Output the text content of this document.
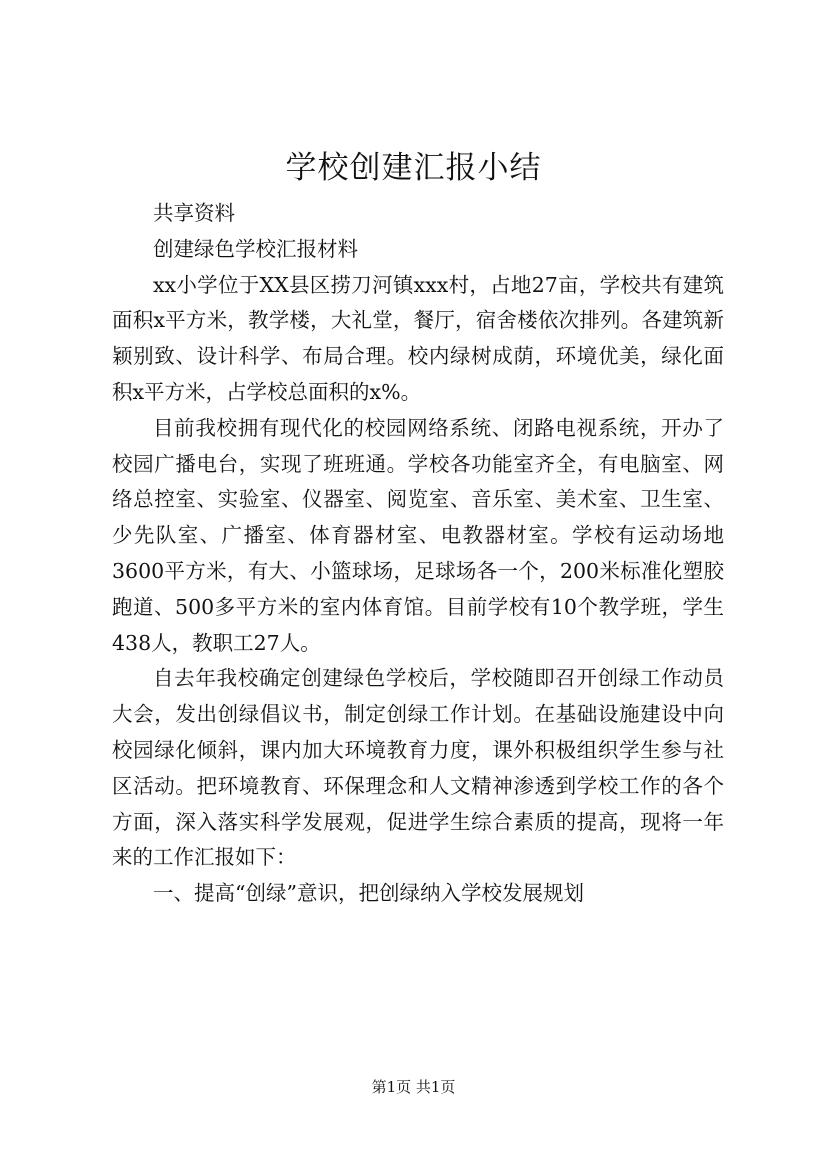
学校创建汇报小结

共享资料

创建绿色学校汇报材料

xx小学位于XX县区捞刀河镇xxx村，占地27亩，学校共有建筑面积x平方米，教学楼，大礼堂，餐厅，宿舍楼依次排列。各建筑新颖别致、设计科学、布局合理。校内绿树成荫，环境优美，绿化面积x平方米，占学校总面积的x%。

目前我校拥有现代化的校园网络系统、闭路电视系统，开办了校园广播电台，实现了班班通。学校各功能室齐全，有电脑室、网络总控室、实验室、仪器室、阅览室、音乐室、美术室、卫生室、少先队室、广播室、体育器材室、电教器材室。学校有运动场地3600平方米，有大、小篮球场，足球场各一个，200米标准化塑胶跑道、500多平方米的室内体育馆。目前学校有10个教学班，学生438人，教职工27人。

自去年我校确定创建绿色学校后，学校随即召开创绿工作动员大会，发出创绿倡议书，制定创绿工作计划。在基础设施建设中向校园绿化倾斜，课内加大环境教育力度，课外积极组织学生参与社区活动。把环境教育、环保理念和人文精神渗透到学校工作的各个方面，深入落实科学发展观，促进学生综合素质的提高，现将一年来的工作汇报如下：

一、提高“创绿”意识，把创绿纳入学校发展规划

第1页 共1页
